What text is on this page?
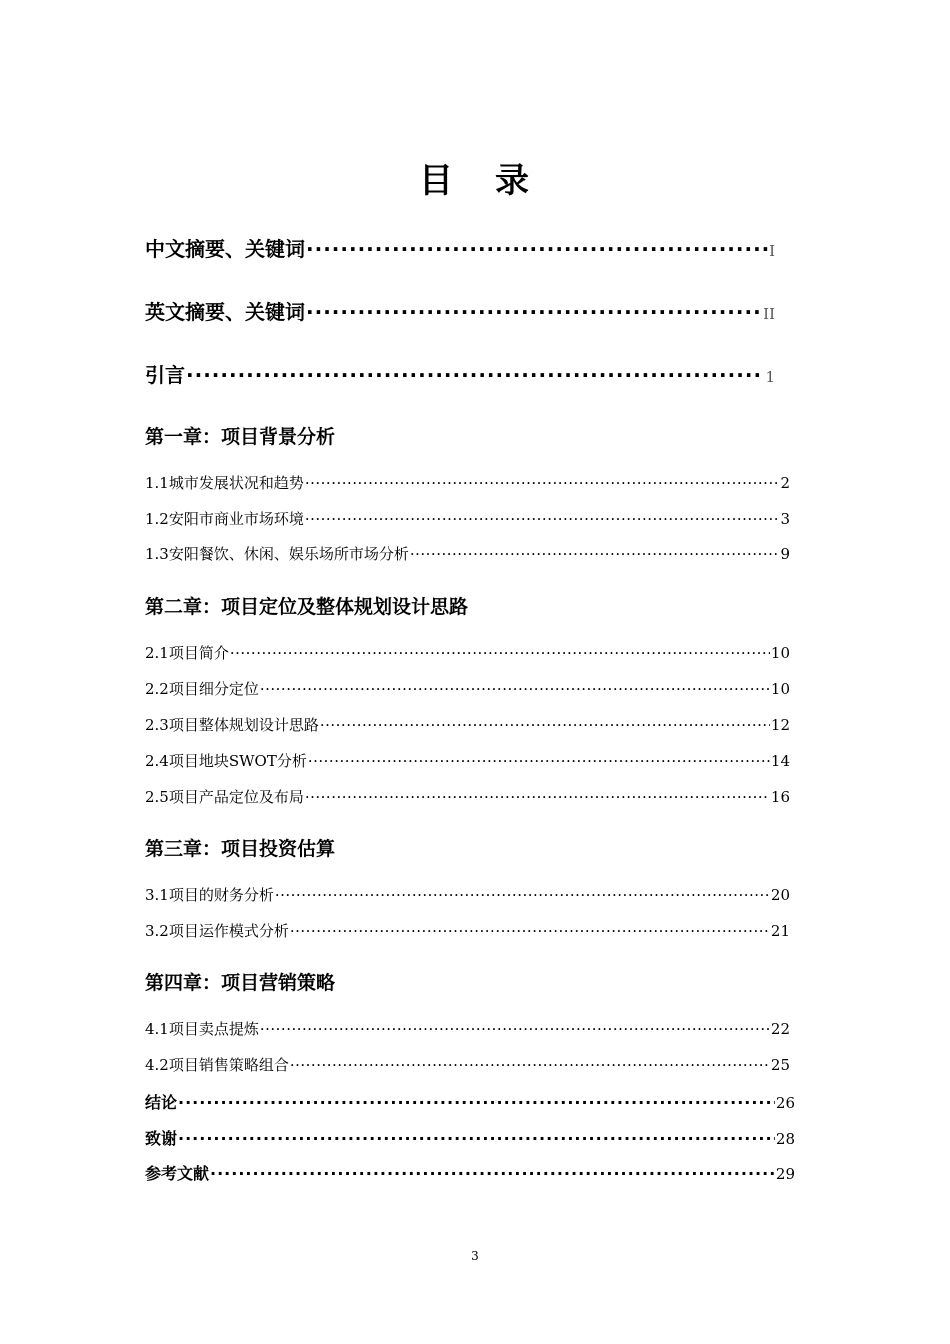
目 录
中文摘要、关键词 ·····	I
英文摘要、关键词 ·····	II
引言 ·····	1
第一章：项目背景分析
1.1城市发展状况和趋势 ·····	2
1.2安阳市商业市场环境 ·····	3
1.3安阳餐饮、休闲、娱乐场所市场分析 ·····	9
第二章：项目定位及整体规划设计思路
2.1项目简介 ·····	10
2.2项目细分定位 ·····	10
2.3项目整体规划设计思路 ·····	12
2.4项目地块SWOT分析 ·····	14
2.5项目产品定位及布局 ·····	16
第三章：项目投资估算
3.1项目的财务分析 ·····	20
3.2项目运作模式分析 ·····	21
第四章：项目营销策略
4.1项目卖点提炼 ·····	22
4.2项目销售策略组合 ·····	25
结论 ·····	26
致谢 ·····	28
参考文献 ·····	29
3
